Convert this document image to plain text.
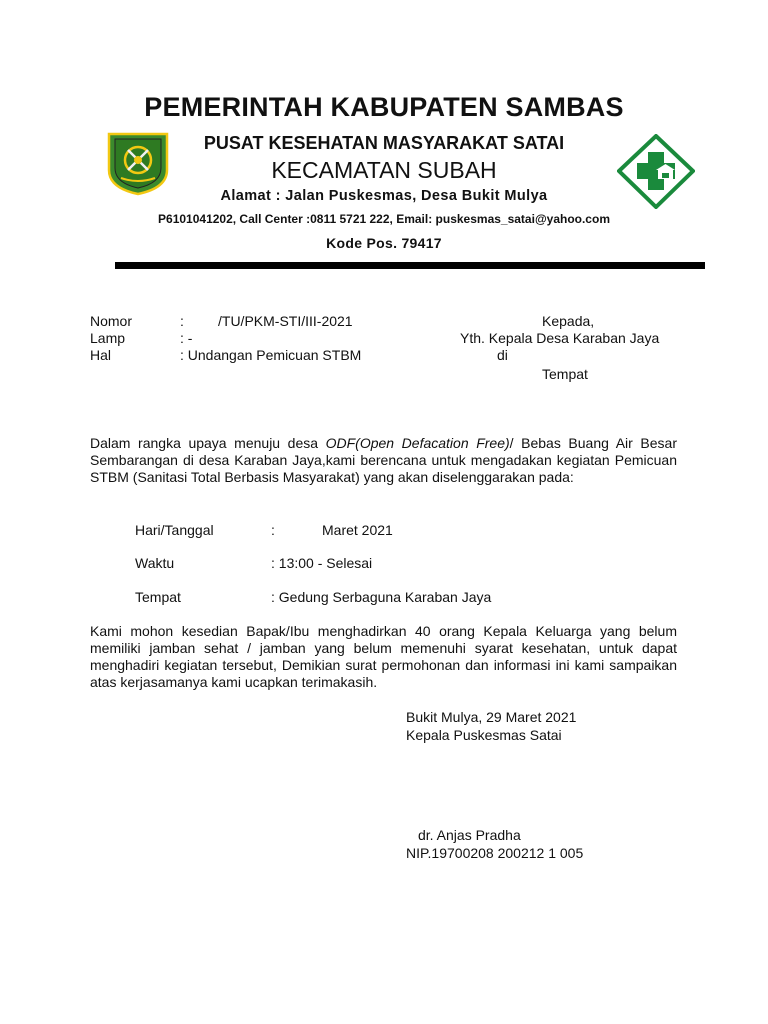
PEMERINTAH KABUPATEN SAMBAS
PUSAT KESEHATAN MASYARAKAT SATAI
KECAMATAN SUBAH
Alamat : Jalan Puskesmas, Desa Bukit Mulya
P6101041202, Call Center :0811 5721 222, Email: puskesmas_satai@yahoo.com
Kode Pos. 79417
Nomor	: /TU/PKM-STI/III-2021
Lamp	: -
Hal	: Undangan Pemicuan STBM
Kepada,
Yth. Kepala Desa Karaban Jaya
di
Tempat
Dalam rangka upaya menuju desa ODF(Open Defacation Free)/ Bebas Buang Air Besar Sembarangan di desa Karaban Jaya,kami berencana untuk mengadakan kegiatan Pemicuan STBM (Sanitasi Total Berbasis Masyarakat) yang akan diselenggarakan pada:
Hari/Tanggal	:	Maret 2021
Waktu	: 13:00 - Selesai
Tempat	: Gedung Serbaguna Karaban Jaya
Kami mohon kesedian Bapak/Ibu menghadirkan 40 orang Kepala Keluarga yang belum memiliki jamban sehat / jamban yang belum memenuhi syarat kesehatan, untuk dapat menghadiri kegiatan tersebut, Demikian surat permohonan dan informasi ini kami sampaikan atas kerjasamanya kami ucapkan terimakasih.
Bukit Mulya, 29 Maret 2021
Kepala Puskesmas Satai
dr. Anjas Pradha
NIP.19700208 200212 1 005
